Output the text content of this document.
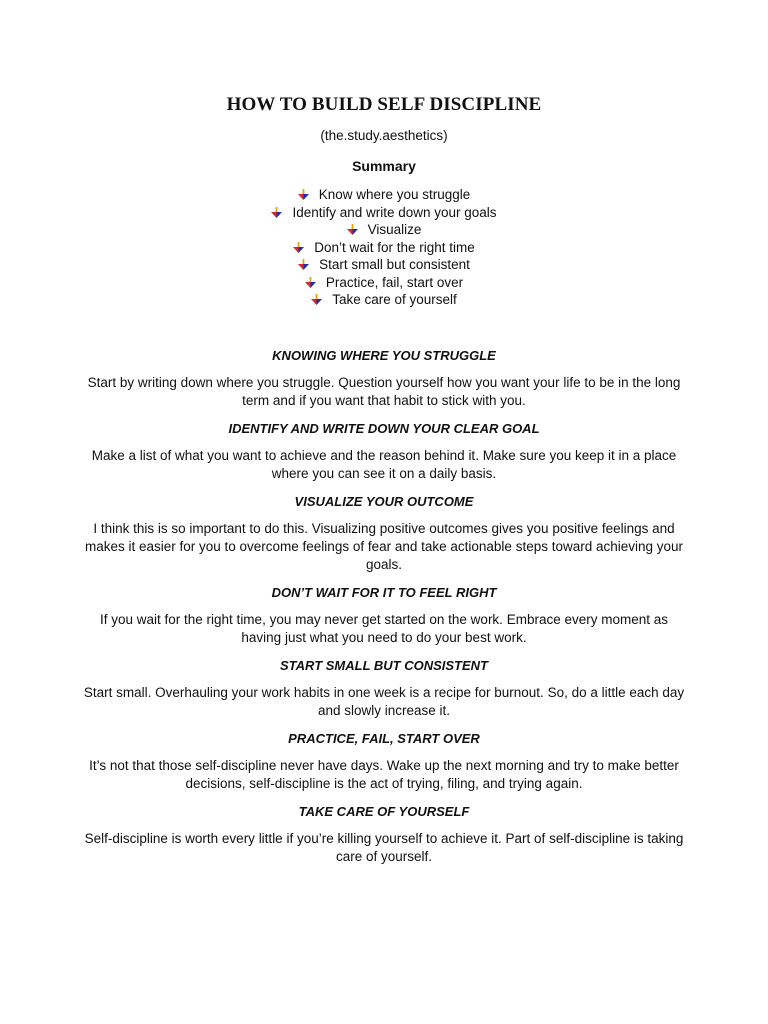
HOW TO BUILD SELF DISCIPLINE

(the.study.aesthetics)

Summary

Know where you struggle
Identify and write down your goals
Visualize
Don’t wait for the right time
Start small but consistent
Practice, fail, start over
Take care of yourself
KNOWING WHERE YOU STRUGGLE

Start by writing down where you struggle. Question yourself how you want your life to be in the long term and if you want that habit to stick with you.

IDENTIFY AND WRITE DOWN YOUR CLEAR GOAL

Make a list of what you want to achieve and the reason behind it. Make sure you keep it in a place where you can see it on a daily basis.

VISUALIZE YOUR OUTCOME

I think this is so important to do this. Visualizing positive outcomes gives you positive feelings and makes it easier for you to overcome feelings of fear and take actionable steps toward achieving your goals.

DON’T WAIT FOR IT TO FEEL RIGHT

If you wait for the right time, you may never get started on the work. Embrace every moment as having just what you need to do your best work.

START SMALL BUT CONSISTENT

Start small. Overhauling your work habits in one week is a recipe for burnout. So, do a little each day and slowly increase it.

PRACTICE, FAIL, START OVER

It’s not that those self-discipline never have days. Wake up the next morning and try to make better decisions, self-discipline is the act of trying, filing, and trying again.

TAKE CARE OF YOURSELF

Self-discipline is worth every little if you’re killing yourself to achieve it. Part of self-discipline is taking care of yourself.
